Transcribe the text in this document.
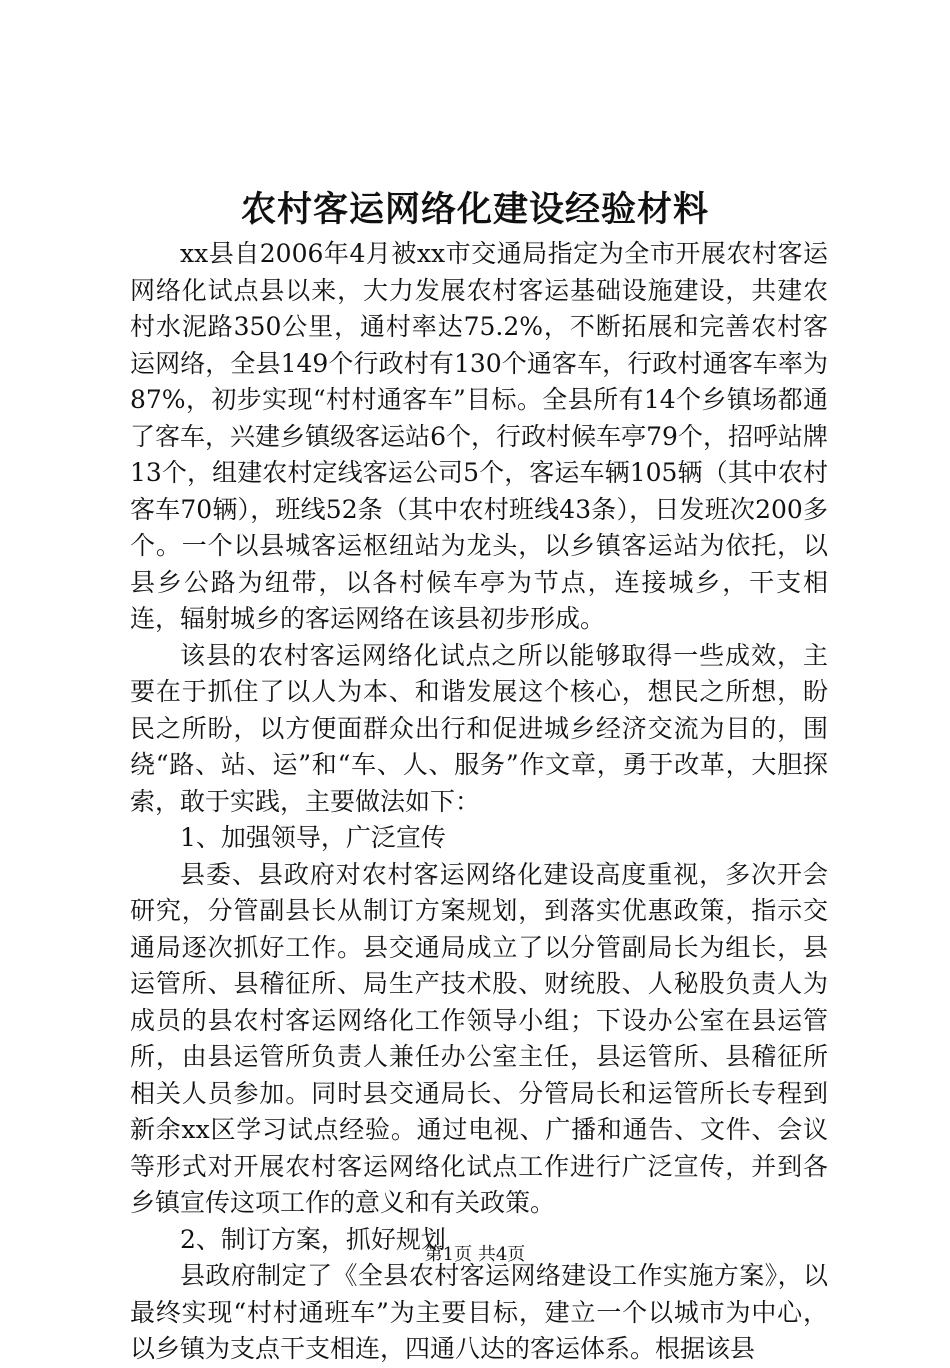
农村客运网络化建设经验材料

xx县自2006年4月被xx市交通局指定为全市开展农村客运网络化试点县以来，大力发展农村客运基础设施建设，共建农村水泥路350公里，通村率达75.2%，不断拓展和完善农村客运网络，全县149个行政村有130个通客车，行政村通客车率为87%，初步实现“村村通客车”目标。全县所有14个乡镇场都通了客车，兴建乡镇级客运站6个，行政村候车亭79个，招呼站牌13个，组建农村定线客运公司5个，客运车辆105辆（其中农村客车70辆），班线52条（其中农村班线43条），日发班次200多个。一个以县城客运枢纽站为龙头，以乡镇客运站为依托，以县乡公路为纽带，以各村候车亭为节点，连接城乡，干支相连，辐射城乡的客运网络在该县初步形成。

该县的农村客运网络化试点之所以能够取得一些成效，主要在于抓住了以人为本、和谐发展这个核心，想民之所想，盼民之所盼，以方便面群众出行和促进城乡经济交流为目的，围绕“路、站、运”和“车、人、服务”作文章，勇于改革，大胆探索，敢于实践，主要做法如下：

1、加强领导，广泛宣传

县委、县政府对农村客运网络化建设高度重视，多次开会研究，分管副县长从制订方案规划，到落实优惠政策，指示交通局逐次抓好工作。县交通局成立了以分管副局长为组长，县运管所、县稽征所、局生产技术股、财统股、人秘股负责人为成员的县农村客运网络化工作领导小组；下设办公室在县运管所，由县运管所负责人兼任办公室主任，县运管所、县稽征所相关人员参加。同时县交通局长、分管局长和运管所长专程到新余xx区学习试点经验。通过电视、广播和通告、文件、会议等形式对开展农村客运网络化试点工作进行广泛宣传，并到各乡镇宣传这项工作的意义和有关政策。

2、制订方案，抓好规划

县政府制定了《全县农村客运网络建设工作实施方案》，以最终实现“村村通班车”为主要目标，建立一个以城市为中心，以乡镇为支点干支相连，四通八达的客运体系。根据该县

第1页 共4页
